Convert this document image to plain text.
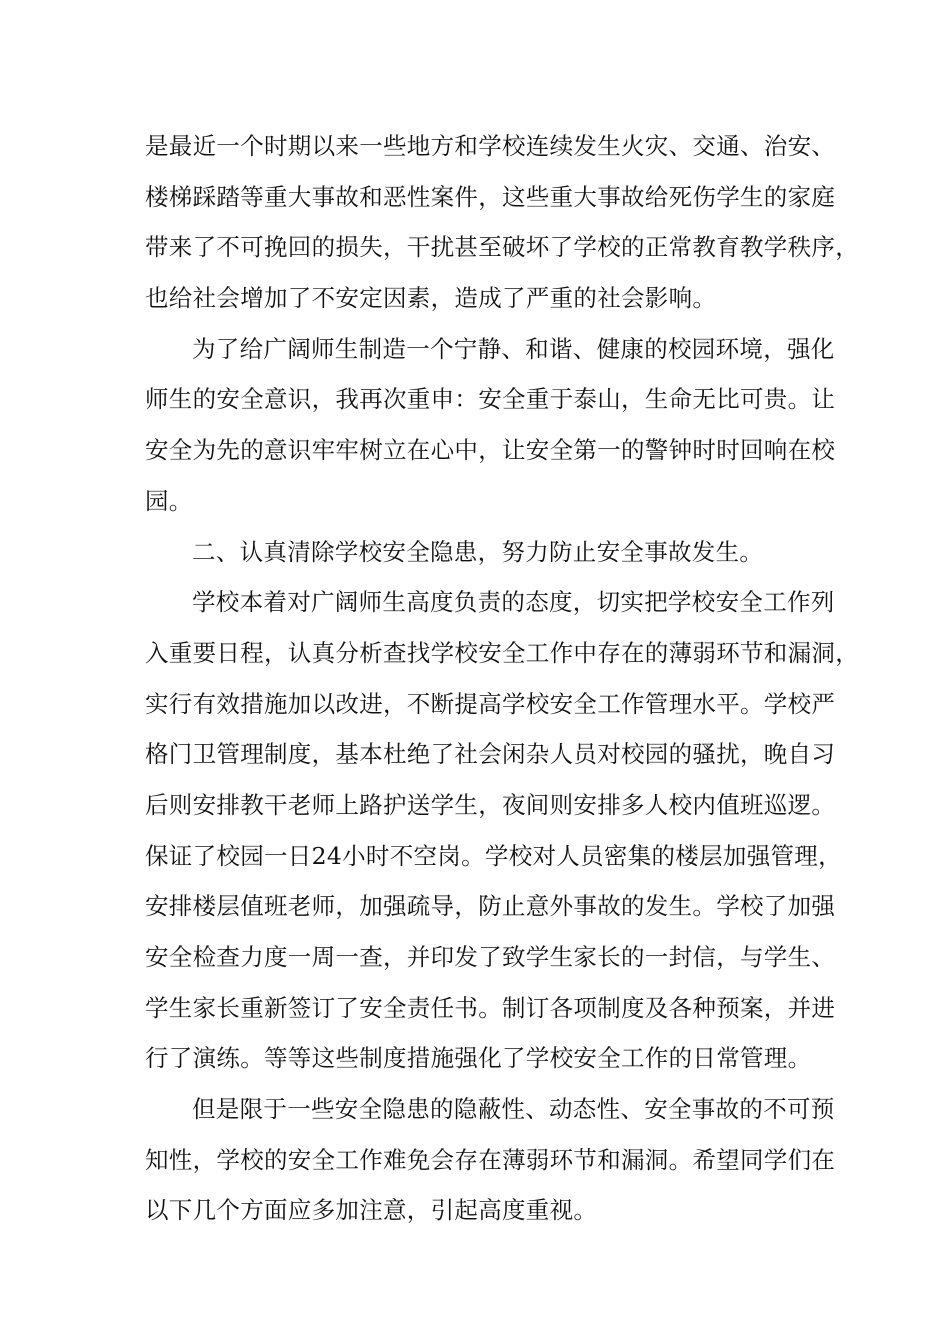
是最近一个时期以来一些地方和学校连续发生火灾、交通、治安、
楼梯踩踏等重大事故和恶性案件，这些重大事故给死伤学生的家庭
带来了不可挽回的损失，干扰甚至破坏了学校的正常教育教学秩序，
也给社会增加了不安定因素，造成了严重的社会影响。
为了给广阔师生制造一个宁静、和谐、健康的校园环境，强化
师生的安全意识，我再次重申：安全重于泰山，生命无比可贵。让
安全为先的意识牢牢树立在心中，让安全第一的警钟时时回响在校
园。
二、认真清除学校安全隐患，努力防止安全事故发生。
学校本着对广阔师生高度负责的态度，切实把学校安全工作列
入重要日程，认真分析查找学校安全工作中存在的薄弱环节和漏洞，
实行有效措施加以改进，不断提高学校安全工作管理水平。学校严
格门卫管理制度，基本杜绝了社会闲杂人员对校园的骚扰，晚自习
后则安排教干老师上路护送学生，夜间则安排多人校内值班巡逻。
保证了校园一日24小时不空岗。学校对人员密集的楼层加强管理，
安排楼层值班老师，加强疏导，防止意外事故的发生。学校了加强
安全检查力度一周一查，并印发了致学生家长的一封信，与学生、
学生家长重新签订了安全责任书。制订各项制度及各种预案，并进
行了演练。等等这些制度措施强化了学校安全工作的日常管理。
但是限于一些安全隐患的隐蔽性、动态性、安全事故的不可预
知性，学校的安全工作难免会存在薄弱环节和漏洞。希望同学们在
以下几个方面应多加注意，引起高度重视。
